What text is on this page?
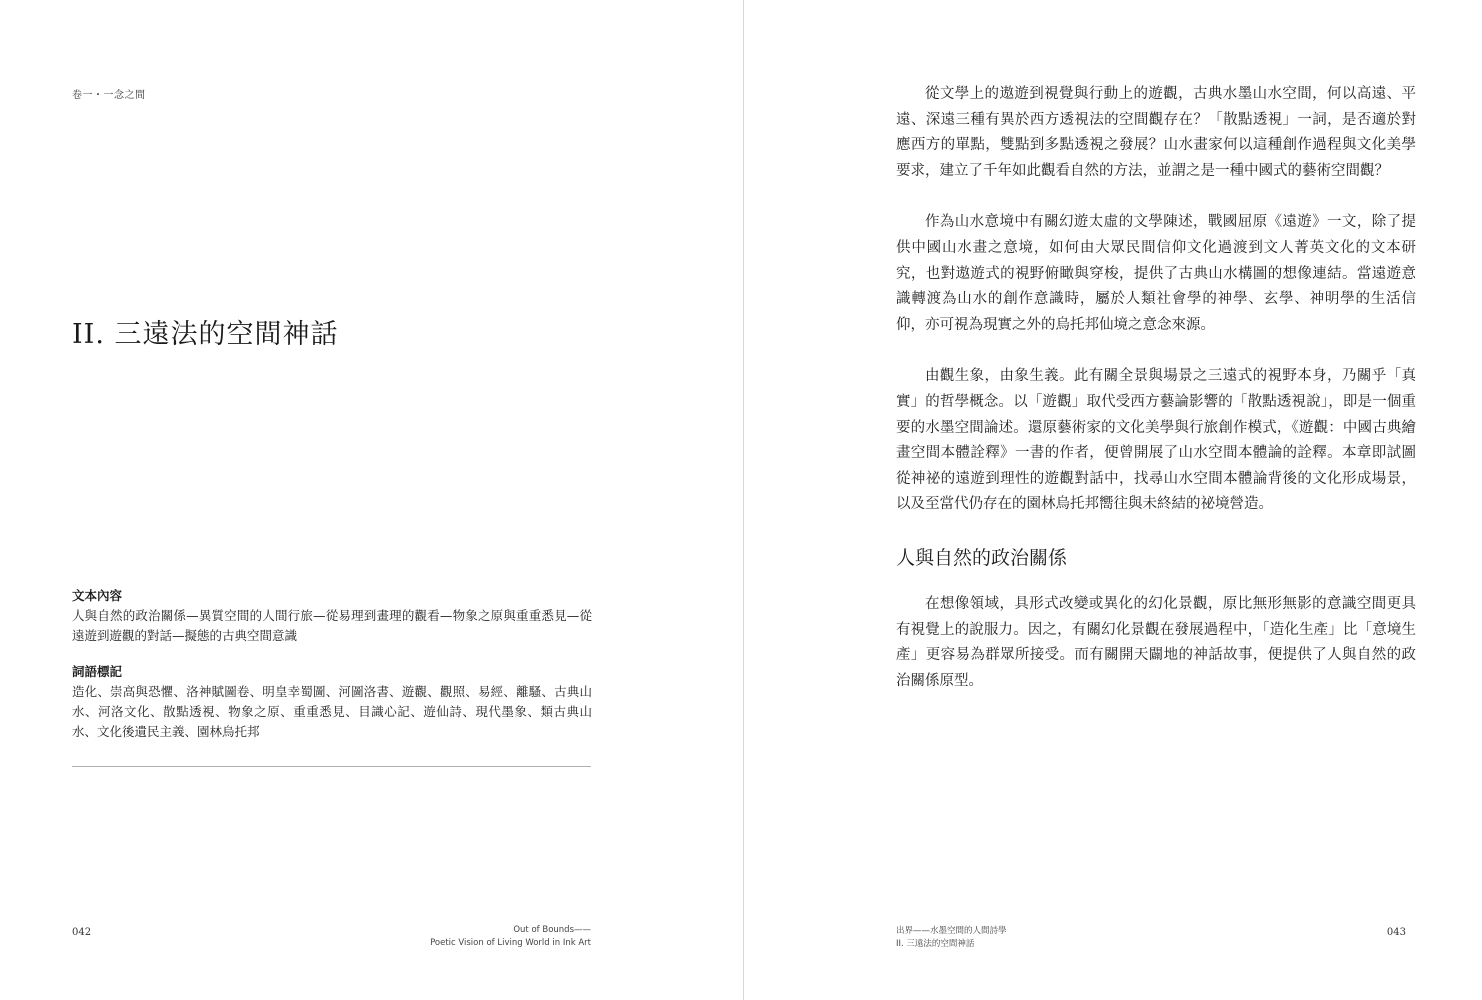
卷一・一念之間
II. 三遠法的空間神話
文本內容

人與自然的政治關係—異質空間的人間行旅—從易理到畫理的觀看—物象之原與重重悉見—從遠遊到遊觀的對話—擬態的古典空間意識

詞語標記

造化、崇高與恐懼、洛神賦圖卷、明皇幸蜀圖、河圖洛書、遊觀、觀照、易經、離騷、古典山水、河洛文化、散點透視、物象之原、重重悉見、目識心記、遊仙詩、現代墨象、類古典山水、文化後遺民主義、園林烏托邦

042	Out of Bounds——
Poetic Vision of Living World in Ink Art

從文學上的遨遊到視覺與行動上的遊觀，古典水墨山水空間，何以高遠、平遠、深遠三種有異於西方透視法的空間觀存在？「散點透視」一詞，是否適於對應西方的單點，雙點到多點透視之發展？山水畫家何以這種創作過程與文化美學要求，建立了千年如此觀看自然的方法，並謂之是一種中國式的藝術空間觀？

作為山水意境中有關幻遊太虛的文學陳述，戰國屈原《遠遊》一文，除了提供中國山水畫之意境，如何由大眾民間信仰文化過渡到文人菁英文化的文本研究，也對遨遊式的視野俯瞰與穿梭，提供了古典山水構圖的想像連結。當遠遊意識轉渡為山水的創作意識時，屬於人類社會學的神學、玄學、神明學的生活信仰，亦可視為現實之外的烏托邦仙境之意念來源。

由觀生象，由象生義。此有關全景與場景之三遠式的視野本身，乃關乎「真實」的哲學概念。以「遊觀」取代受西方藝論影響的「散點透視說」，即是一個重要的水墨空間論述。還原藝術家的文化美學與行旅創作模式，《遊觀：中國古典繪畫空間本體詮釋》一書的作者，便曾開展了山水空間本體論的詮釋。本章即試圖從神祕的遠遊到理性的遊觀對話中，找尋山水空間本體論背後的文化形成場景，以及至當代仍存在的園林烏托邦嚮往與未終結的祕境營造。

人與自然的政治關係

在想像領域，具形式改變或異化的幻化景觀，原比無形無影的意識空間更具有視覺上的說服力。因之，有關幻化景觀在發展過程中，「造化生產」比「意境生產」更容易為群眾所接受。而有關開天闢地的神話故事，便提供了人與自然的政治關係原型。

出界——水墨空間的人間詩學
II. 三遠法的空間神話
043
